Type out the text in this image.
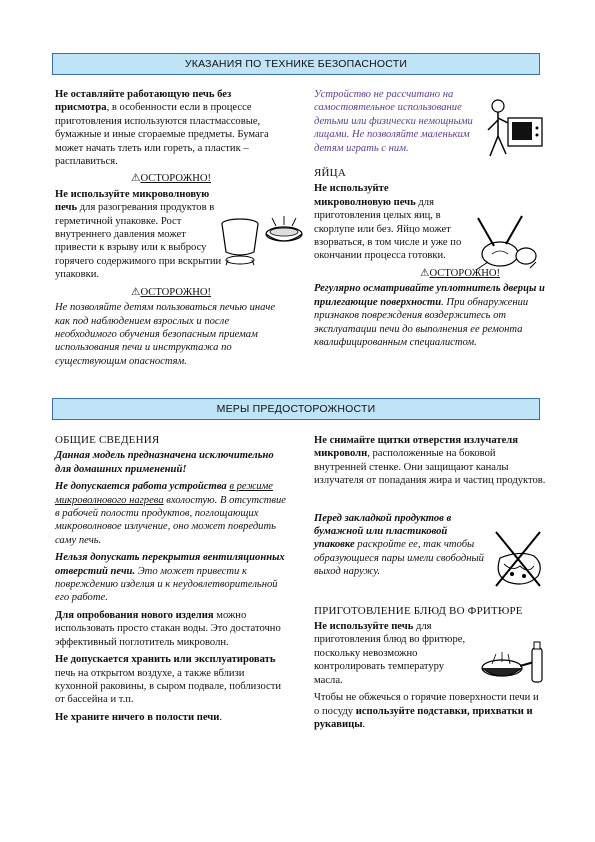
УКАЗАНИЯ ПО ТЕХНИКЕ БЕЗОПАСНОСТИ

Не оставляйте работающую печь без присмотра, в особенности если в процессе приготовления используются пластмассовые, бумажные и иные сгораемые предметы. Бумага может начать тлеть или гореть, а пластик – расплавиться.

⚠ОСТОРОЖНО!

Не используйте микроволновую печь для разогревания продуктов в герметичной упаковке. Рост внутреннего давления может привести к взрыву или к выбросу горячего содержимого при вскрытии упаковки.

⚠ОСТОРОЖНО!

Не позволяйте детям пользоваться печью иначе как под наблюдением взрослых и после необходимого обучения безопасным приемам использования печи и инструктажа по существующим опасностям.

Устройство не рассчитано на самостоятельное использование детьми или физически немощными лицами. Не позволяйте маленьким детям играть с ним.

ЯЙЦА

Не используйте микроволновую печь для приготовления целых яиц, в скорлупе или без. Яйцо может взорваться, в том числе и уже по окончании процесса готовки.

⚠ОСТОРОЖНО!

Регулярно осматривайте уплотнитель дверцы и прилегающие поверхности. При обнаружении признаков повреждения воздержитесь от эксплуатации печи до выполнения ее ремонта квалифицированным специалистом.

МЕРЫ ПРЕДОСТОРОЖНОСТИ
ОБЩИЕ СВЕДЕНИЯ

Данная модель предназначена исключительно для домашних применений!

Не допускается работа устройства в режиме микроволнового нагрева вхолостую. В отсутствие в рабочей полости продуктов, поглощающих микроволновое излучение, оно может повредить саму печь.

Нельзя допускать перекрытия вентиляционных отверстий печи. Это может привести к повреждению изделия и к неудовлетворительной его работе.

Для опробования нового изделия можно использовать просто стакан воды. Это достаточно эффективный поглотитель микроволн.

Не допускается хранить или эксплуатировать печь на открытом воздухе, а также вблизи кухонной раковины, в сыром подвале, поблизости от бассейна и т.п.

Не храните ничего в полости печи.

Не снимайте щитки отверстия излучателя микроволн, расположенные на боковой внутренней стенке. Они защищают каналы излучателя от попадания жира и частиц продуктов.

Перед закладкой продуктов в бумажной или пластиковой упаковке раскройте ее, так чтобы образующиеся пары имели свободный выход наружу.

ПРИГОТОВЛЕНИЕ БЛЮД ВО ФРИТЮРЕ

Не используйте печь для приготовления блюд во фритюре, поскольку невозможно контролировать температуру масла.

Чтобы не обжечься о горячие поверхности печи и о посуду используйте подставки, прихватки и рукавицы.
